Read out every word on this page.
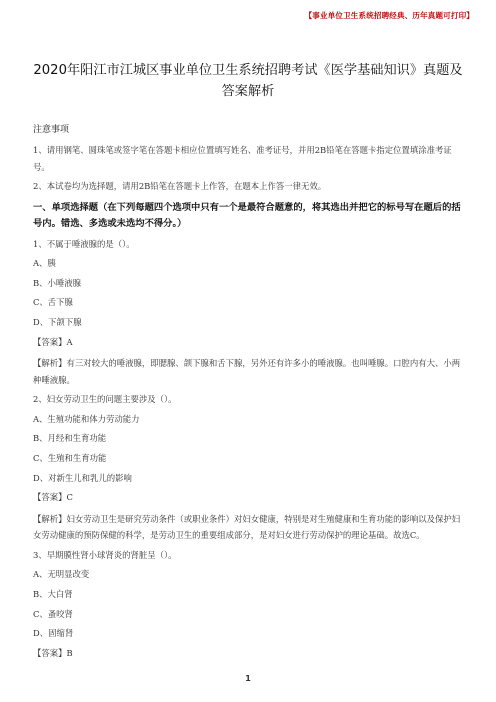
【事业单位卫生系统招聘经典、历年真题可打印】
2020年阳江市江城区事业单位卫生系统招聘考试《医学基础知识》真题及答案解析
注意事项
1、请用钢笔、圆珠笔或签字笔在答题卡相应位置填写姓名、准考证号，并用2B铅笔在答题卡指定位置填涂准考证号。
2、本试卷均为选择题，请用2B铅笔在答题卡上作答，在题本上作答一律无效。
一、单项选择题（在下列每题四个选项中只有一个是最符合题意的，将其选出并把它的标号写在题后的括号内。错选、多选或未选均不得分。）
1、不属于唾液腺的是（）。
A、胰
B、小唾液腺
C、舌下腺
D、下颌下腺
【答案】A
【解析】有三对较大的唾液腺，即腮腺、颌下腺和舌下腺，另外还有许多小的唾液腺。也叫唾腺。口腔内有大、小两种唾液腺。
2、妇女劳动卫生的问题主要涉及（）。
A、生殖功能和体力劳动能力
B、月经和生育功能
C、生殖和生育功能
D、对新生儿和乳儿的影响
【答案】C
【解析】妇女劳动卫生是研究劳动条件（或职业条件）对妇女健康，特别是对生殖健康和生育功能的影响以及保护妇女劳动健康的预防保健的科学，是劳动卫生的重要组成部分，是对妇女进行劳动保护的理论基础。故选C。
3、早期膜性肾小球肾炎的肾脏呈（）。
A、无明显改变
B、大白肾
C、蚤咬肾
D、固缩肾
【答案】B
1
